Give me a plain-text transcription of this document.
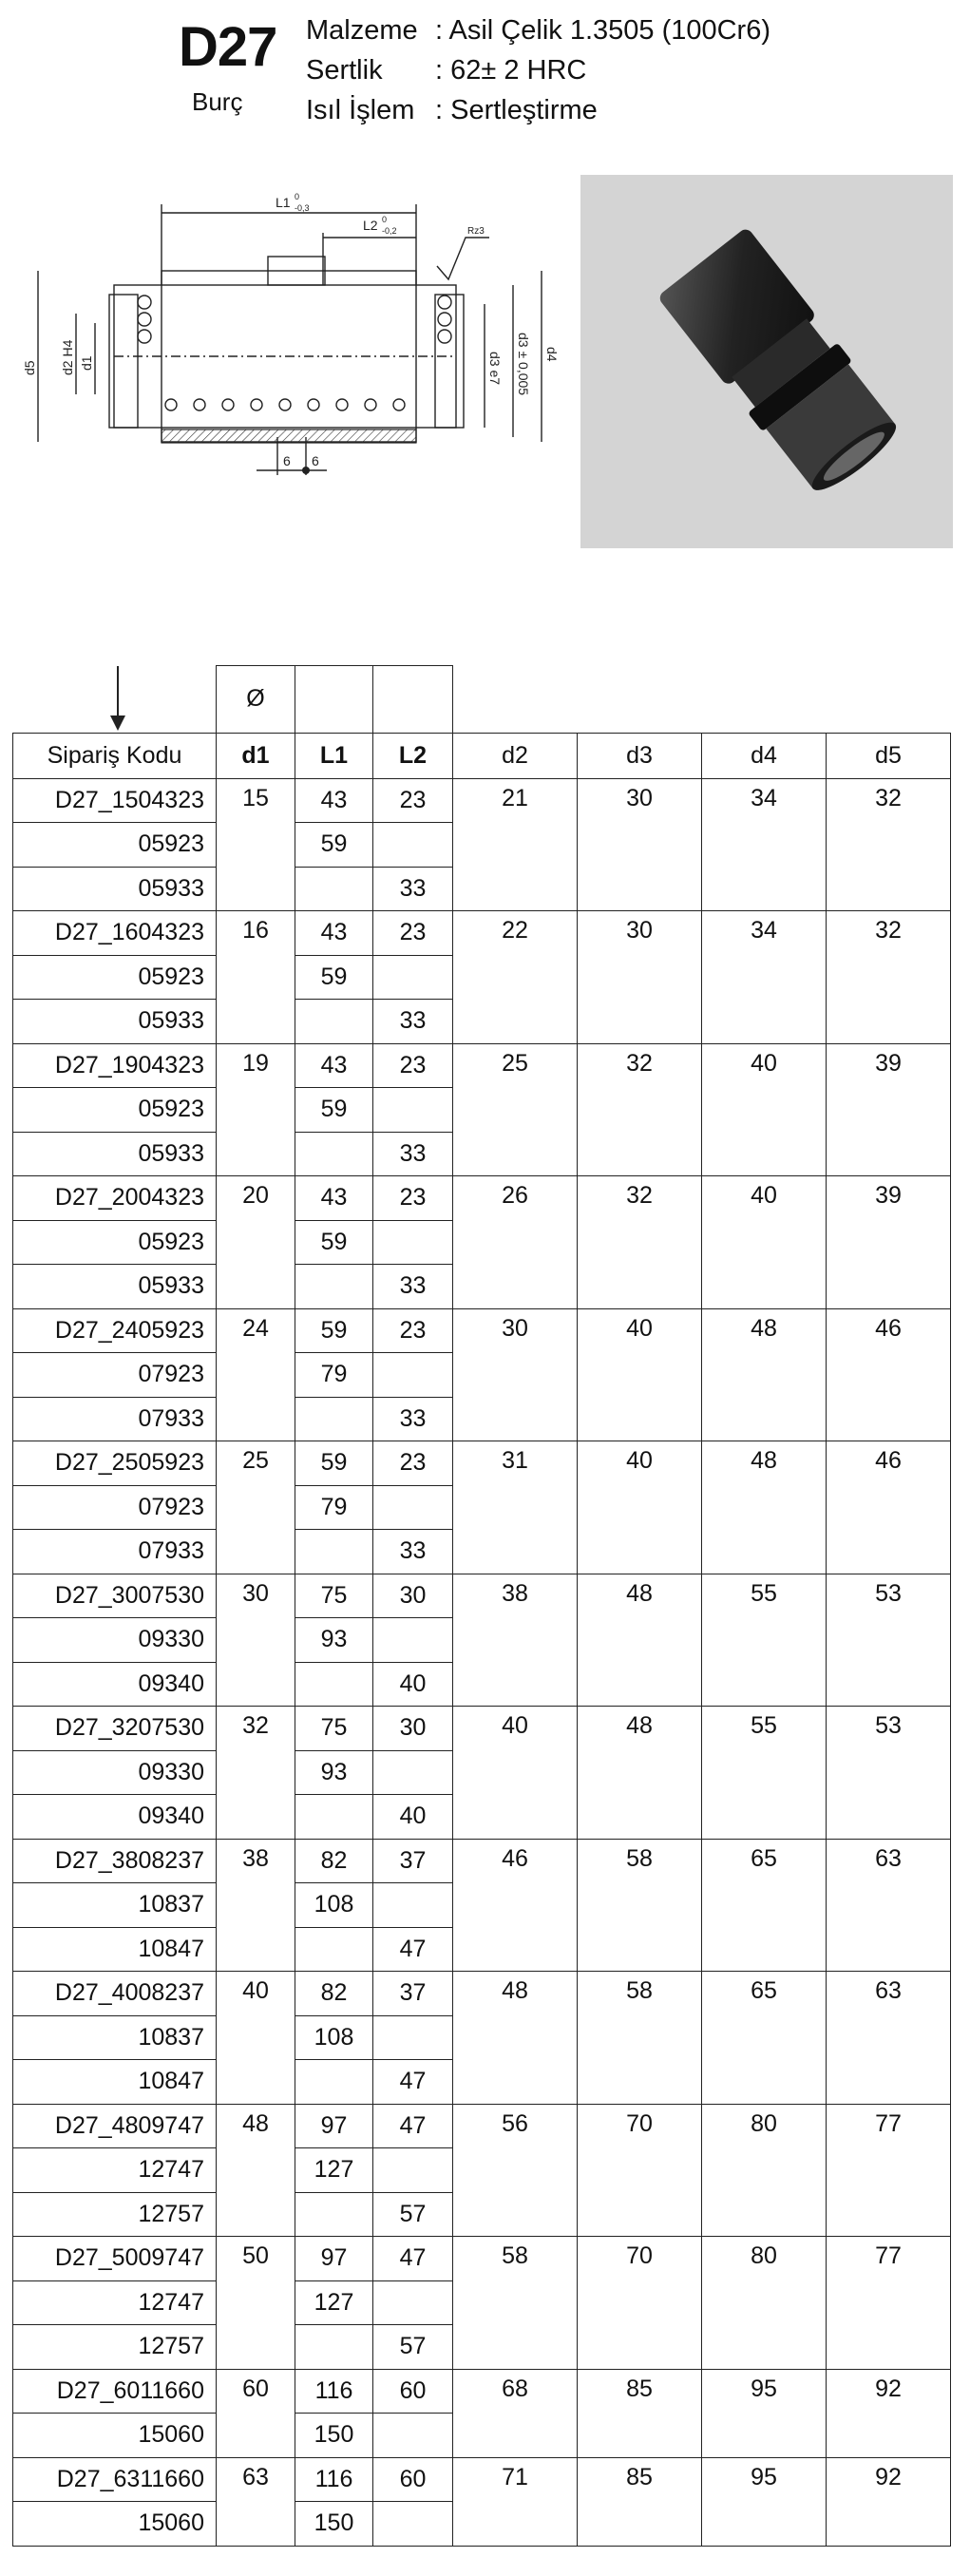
D27
Burç
Malzeme : Asil Çelik 1.3505 (100Cr6)
Sertlik : 62± 2 HRC
Isıl İşlem : Sertleştirme
L1 0
-0,3
L2 0
-0,2	Rz3
d5 d2 H4 d1	d3 e7 d3 ± 0,005 d4
6 6
	Ø						
Sipariş Kodu	d1	L1	L2	d2	d3	d4	d5
D27_1504323	15	43	23	21	30	34	32
05923		59					
05933			33				
D27_1604323	16	43	23	22	30	34	32
05923		59					
05933			33				
D27_1904323	19	43	23	25	32	40	39
05923		59					
05933			33				
D27_2004323	20	43	23	26	32	40	39
05923		59					
05933			33				
D27_2405923	24	59	23	30	40	48	46
07923		79					
07933			33				
D27_2505923	25	59	23	31	40	48	46
07923		79					
07933			33				
D27_3007530	30	75	30	38	48	55	53
09330		93					
09340			40				
D27_3207530	32	75	30	40	48	55	53
09330		93					
09340			40				
D27_3808237	38	82	37	46	58	65	63
10837		108					
10847			47				
D27_4008237	40	82	37	48	58	65	63
10837		108					
10847			47				
D27_4809747	48	97	47	56	70	80	77
12747		127					
12757			57				
D27_5009747	50	97	47	58	70	80	77
12747		127					
12757			57				
D27_6011660	60	116	60	68	85	95	92
15060		150					
D27_6311660	63	116	60	71	85	95	92
15060		150					
